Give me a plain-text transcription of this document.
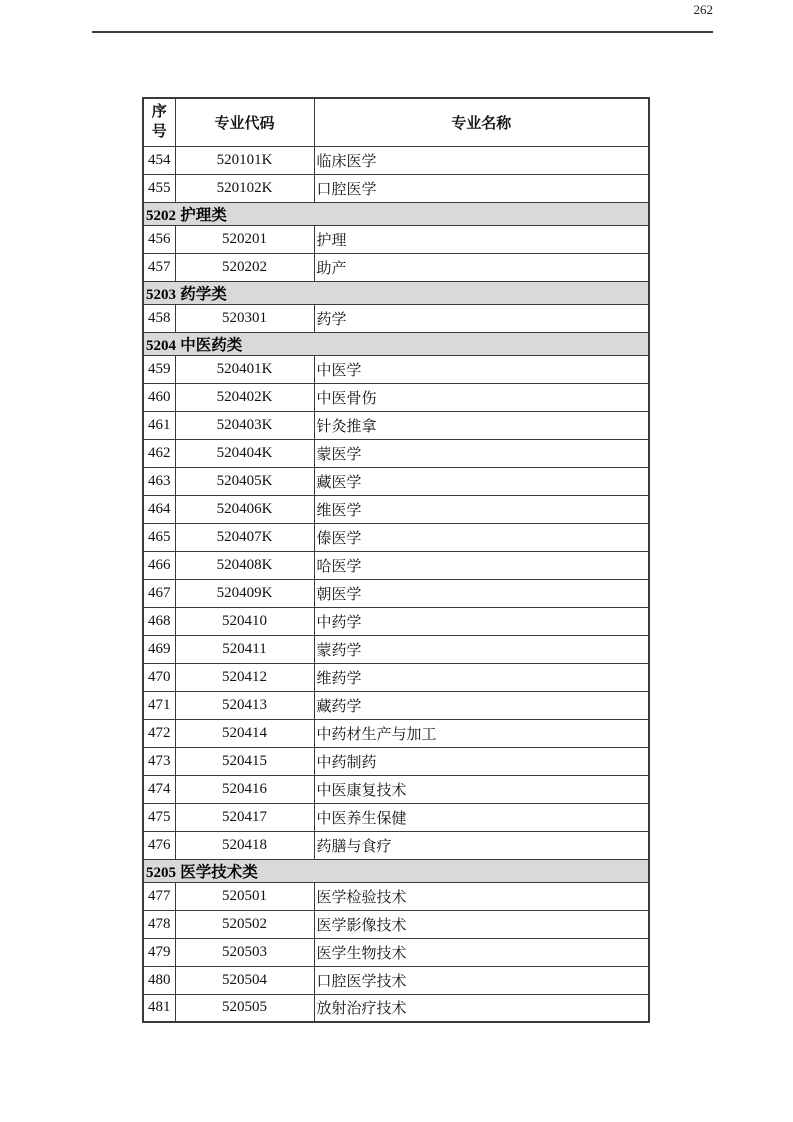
262
序号	专业代码	专业名称
454	520101K	临床医学
455	520102K	口腔医学
5202 护理类		
456	520201	护理
457	520202	助产
5203 药学类		
458	520301	药学
5204 中医药类		
459	520401K	中医学
460	520402K	中医骨伤
461	520403K	针灸推拿
462	520404K	蒙医学
463	520405K	藏医学
464	520406K	维医学
465	520407K	傣医学
466	520408K	哈医学
467	520409K	朝医学
468	520410	中药学
469	520411	蒙药学
470	520412	维药学
471	520413	藏药学
472	520414	中药材生产与加工
473	520415	中药制药
474	520416	中医康复技术
475	520417	中医养生保健
476	520418	药膳与食疗
5205 医学技术类		
477	520501	医学检验技术
478	520502	医学影像技术
479	520503	医学生物技术
480	520504	口腔医学技术
481	520505	放射治疗技术
